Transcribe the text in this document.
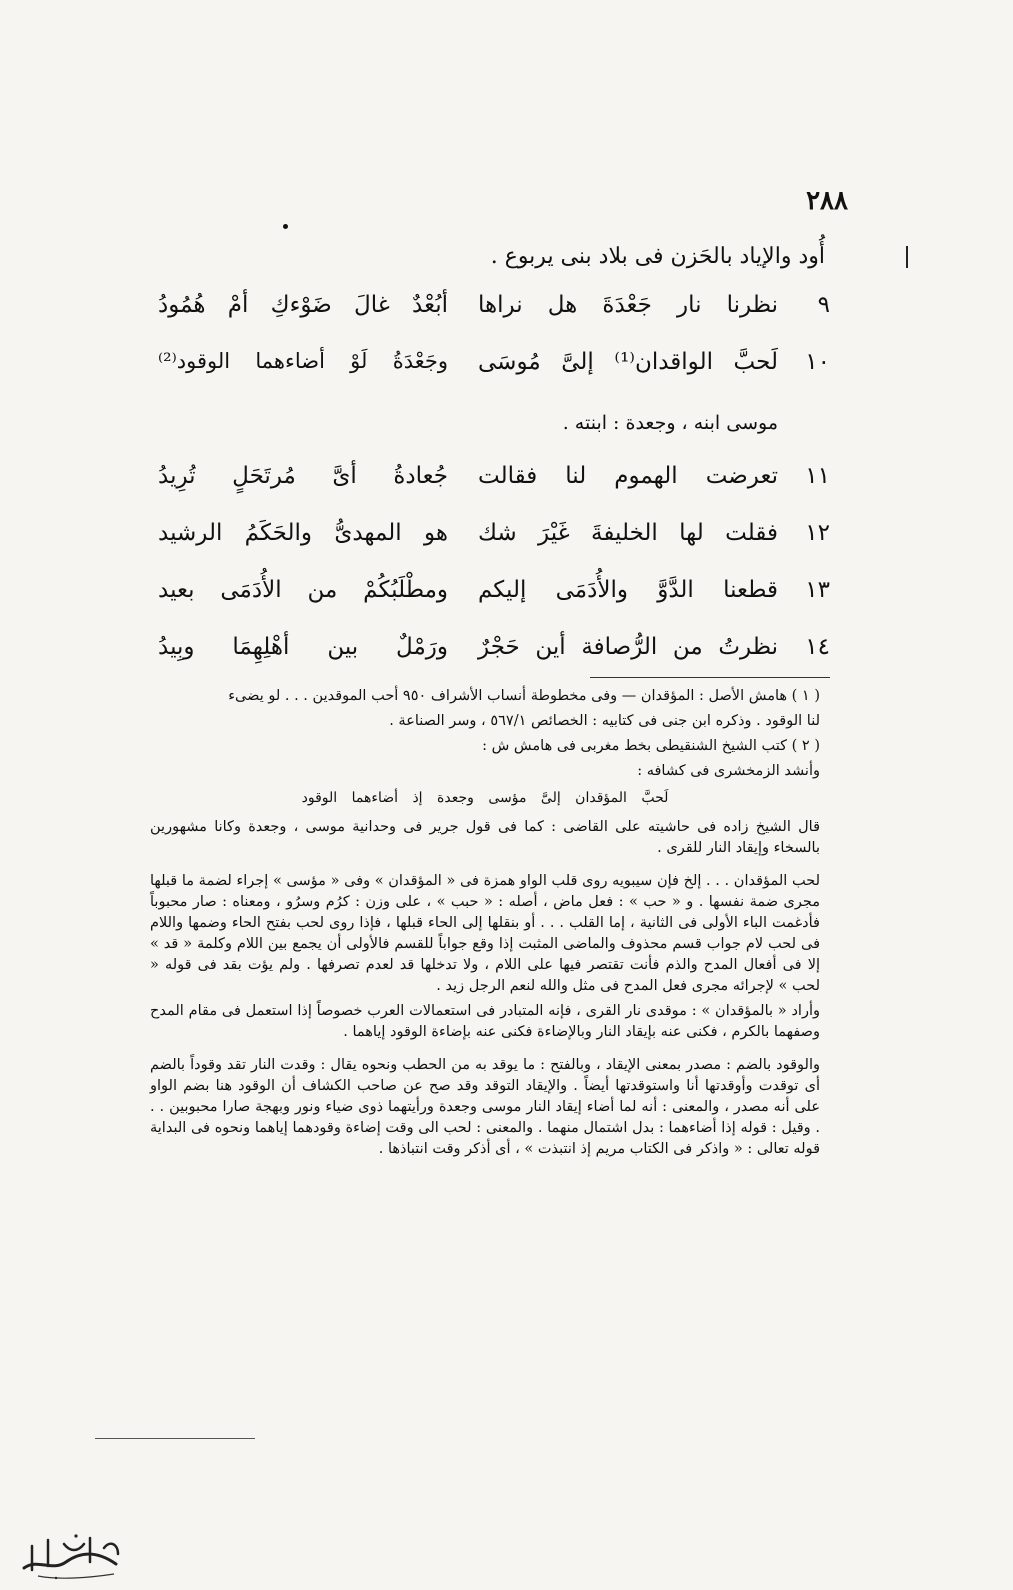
٢٨٨
أُود والإياد بالحَزن فى بلاد بنى يربوع .
٩
نظرنا نار جَعْدَةَ هل نراها
أبُعْدٌ غالَ ضَوْءكِ أمْ هُمُودُ
١٠
لَحبَّ الواقدان⁽¹⁾ إلىَّ مُوسَى
وجَعْدَةُ لَوْ أضاءهما الوقود⁽²⁾
موسى ابنه ، وجعدة : ابنته .
١١
تعرضت الهموم لنا فقالت
جُعادةُ أىَّ مُرتَحَلٍ تُرِيدُ
١٢
فقلت لها الخليفةَ غَيْرَ شك
هو المهدىُّ والحَكَمُ الرشيد
١٣
قطعنا الدَّوَّ والأُدَمَى إليكم
ومطْلَبُكُمْ من الأُدَمَى بعيد
١٤
نظرتُ من الرُّصافة أين حَجْرٌ
ورَمْلٌ بين أهْلِهِمَا وبِيدُ

( ١ ) هامش الأصل : المؤقدان — وفى مخطوطة أنساب الأشراف ٩٥٠ أحب الموقدين . . . لو يضىء

لنا الوقود . وذكره ابن جنى فى كتابيه : الخصائص ٥٦٧/١ ، وسر الصناعة .

( ٢ ) كتب الشيخ الشنقيطى بخط مغربى فى هامش ش :

وأنشد الزمخشرى فى كشافه :

لَحبَّ المؤقدان إلىَّ مؤسى وجعدة إذ أضاءهما الوقود

قال الشيخ زاده فى حاشيته على القاضى : كما فى قول جرير فى وحدانية موسى ، وجعدة وكانا مشهورين بالسخاء وإيقاد النار للقرى .

لحب المؤقدان . . . إلخ فإن سيبويه روى قلب الواو همزة فى « المؤقدان » وفى « مؤسى » إجراء لضمة ما قبلها مجرى ضمة نفسها . و « حب » : فعل ماض ، أصله : « حبب » ، على وزن : كرُم وسرُو ، ومعناه : صار محبوباً فأدغمت الباء الأولى فى الثانية ، إما القلب . . . أو بنقلها إلى الحاء قبلها ، فإذا روى لحب بفتح الحاء وضمها واللام فى لحب لام جواب قسم محذوف والماضى المثبت إذا وقع جواباً للقسم فالأولى أن يجمع بين اللام وكلمة « قد » إلا فى أفعال المدح والذم فأنت تقتصر فيها على اللام ، ولا تدخلها قد لعدم تصرفها . ولم يؤت بقد فى قوله « لحب » لإجرائه مجرى فعل المدح فى مثل والله لنعم الرجل زيد .

وأراد « بالمؤقدان » : موقدى نار القرى ، فإنه المتبادر فى استعمالات العرب خصوصاً إذا استعمل فى مقام المدح وصفهما بالكرم ، فكنى عنه بإيقاد النار وبالإضاءة فكنى عنه بإضاءة الوقود إياهما .

والوقود بالضم : مصدر بمعنى الإيقاد ، وبالفتح : ما يوقد به من الحطب ونحوه يقال : وقدت النار تقد وقوداً بالضم أى توقدت وأوقدتها أنا واستوقدتها أيضاً . والإيقاد التوقد وقد صح عن صاحب الكشاف أن الوقود هنا بضم الواو على أنه مصدر ، والمعنى : أنه لما أضاء إيقاد النار موسى وجعدة ورأيتهما ذوى ضياء ونور وبهجة صارا محبوبين . . . وقيل : قوله إذا أضاءهما : بدل اشتمال منهما . والمعنى : لحب الى وقت إضاءة وقودهما إياهما ونحوه فى البداية قوله تعالى : « واذكر فى الكتاب مريم إذ انتبذت » ، أى أذكر وقت انتباذها .
